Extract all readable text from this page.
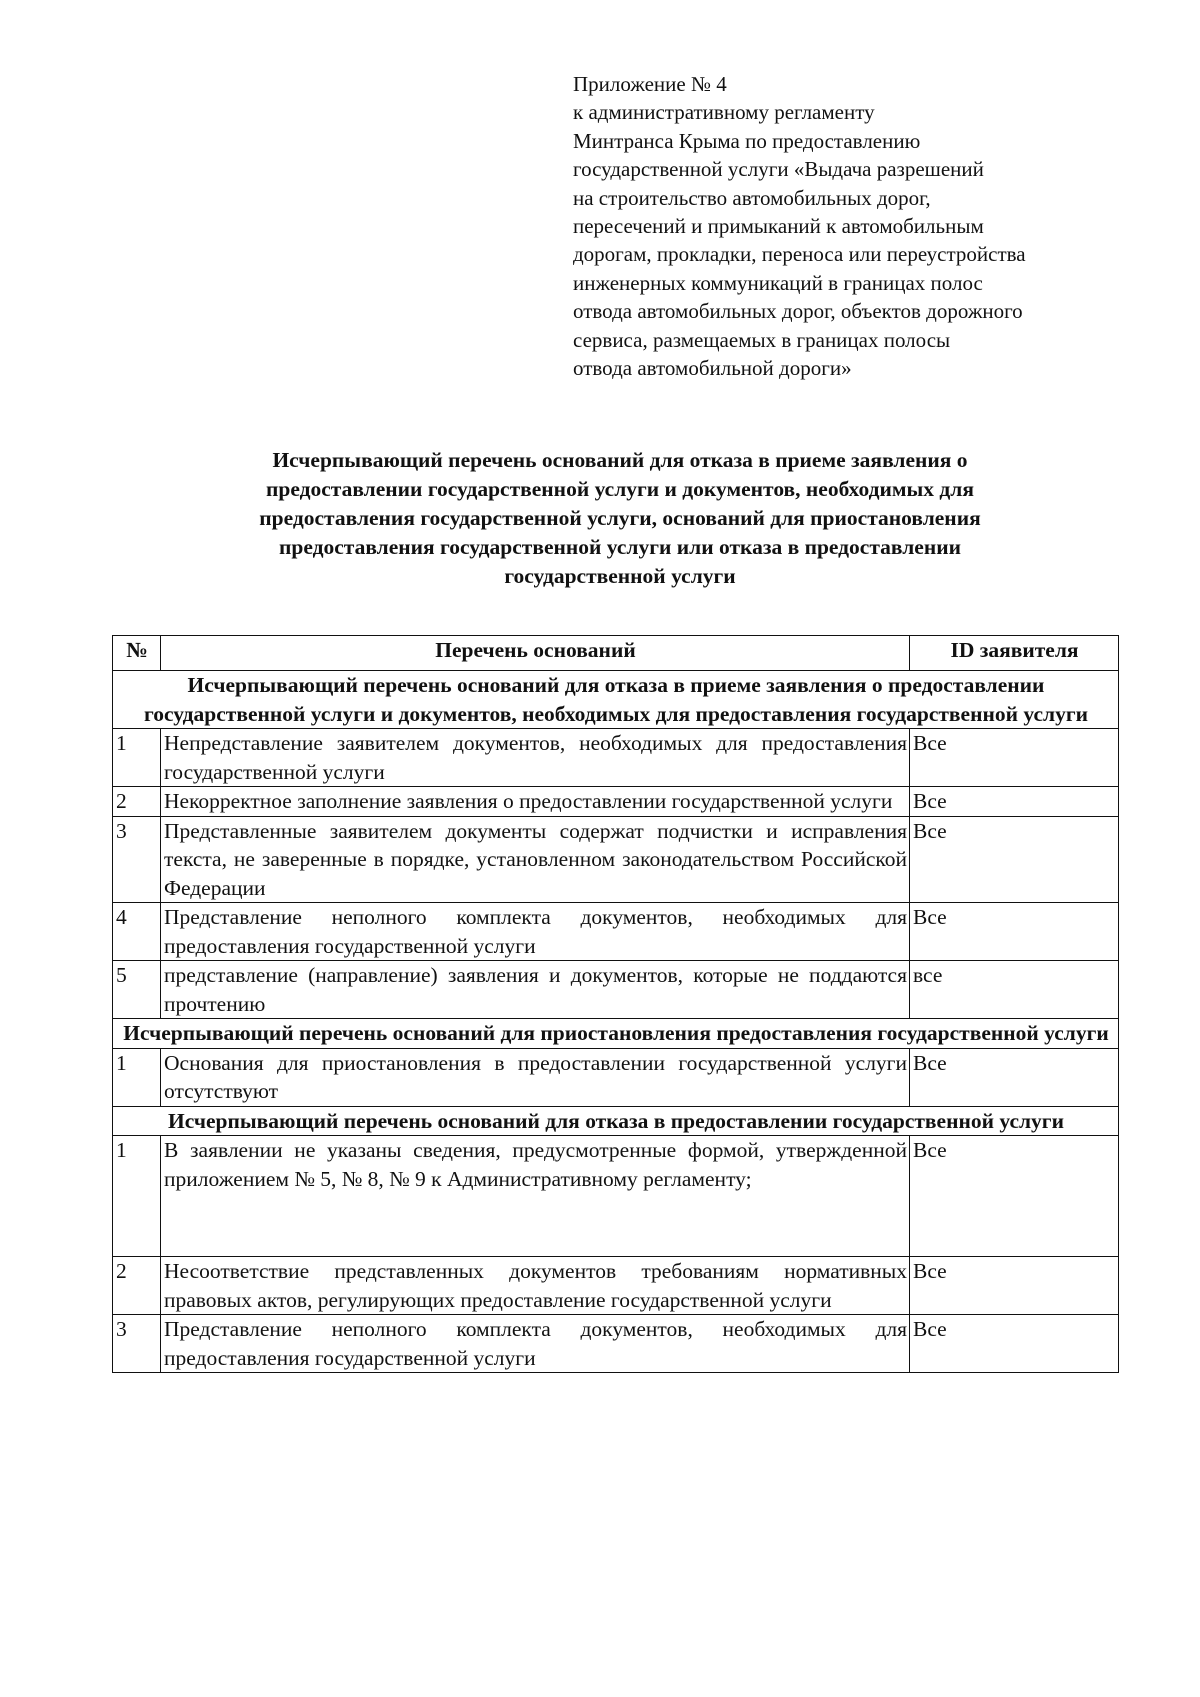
Приложение № 4
к административному регламенту
Минтранса Крыма по предоставлению
государственной услуги «Выдача разрешений
на строительство автомобильных дорог,
пересечений и примыканий к автомобильным
дорогам, прокладки, переноса или переустройства
инженерных коммуникаций в границах полос
отвода автомобильных дорог, объектов дорожного
сервиса, размещаемых в границах полосы
отвода автомобильной дороги»
Исчерпывающий перечень оснований для отказа в приеме заявления о
предоставлении государственной услуги и документов, необходимых для
предоставления государственной услуги, оснований для приостановления
предоставления государственной услуги или отказа в предоставлении
государственной услуги
№	Перечень оснований	ID заявителя
Исчерпывающий перечень оснований для отказа в приеме заявления о предоставлении государственной услуги и документов, необходимых для предоставления государственной услуги		
1	Непредставление заявителем документов, необходимых для предоставления государственной услуги	Все
2	Некорректное заполнение заявления о предоставлении государственной услуги	Все
3	Представленные заявителем документы содержат подчистки и исправления текста, не заверенные в порядке, установленном законодательством Российской Федерации	Все
4	Представление неполного комплекта документов, необходимых для предоставления государственной услуги	Все
5	представление (направление) заявления и документов, которые не поддаются прочтению	все
Исчерпывающий перечень оснований для приостановления предоставления государственной услуги		
1	Основания для приостановления в предоставлении государственной услуги отсутствуют	Все
Исчерпывающий перечень оснований для отказа в предоставлении государственной услуги		
1	В заявлении не указаны сведения, предусмотренные формой, утвержденной приложением № 5, № 8, № 9 к Административному регламенту;	Все
2	Несоответствие представленных документов требованиям нормативных правовых актов, регулирующих предоставление государственной услуги	Все
3	Представление неполного комплекта документов, необходимых для предоставления государственной услуги	Все
